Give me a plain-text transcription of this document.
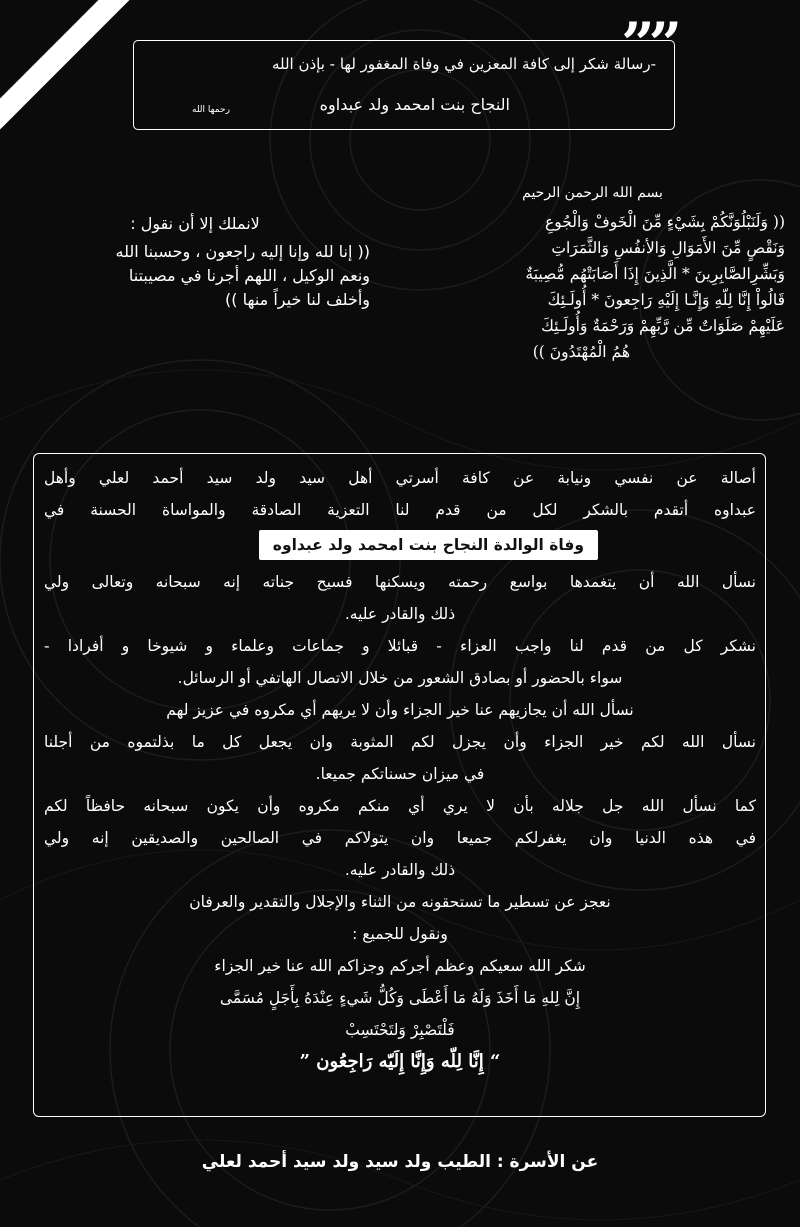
””
-رسالة شكر إلى كافة المعزين في وفاة المغفور لها - بإذن الله
النجاح بنت امحمد ولد عبداوه
رحمها الله
بسم الله الرحمن الرحيم
(( وَلَنَبْلُوَنَّكُمْ بِشَيْءٍ مِّنَ الْخَوفْ وَالْجُوعِ
وَنَقْصٍ مِّنَ الأَمَوَالِ وَالأنفُسِ وَالثَّمَرَاتِ
وَبَشِّرِالصَّابِرِينَ * الَّذِينَ إِذَا أَصَابَتْهُم مُّصِيبَةٌ
قَالُواْ إِنَّا لِلّهِ وَإِنَّـا إِلَيْهِ رَاجِعونَ * أُولَـئِكَ
عَلَيْهِمْ صَلَوَاتٌ مِّن رَّبِّهِمْ وَرَحْمَةٌ وَأُولَـئِكَ
هُمُ الْمُهْتَدُونَ ))
لانملك إلا أن نقول :
(( إنا لله وإنا إليه راجعون ، وحسبنا الله
ونعم الوكيل ، اللهم أجرنا في مصيبتنا
وأخلف لنا خيراً منها ))
أصالة عن نفسي ونيابة عن كافة أسرتي أهل سيد ولد سيد أحمد لعلي وأهل
عبداوه أتقدم بالشكر لكل من قدم لنا التعزية الصادقة والمواساة الحسنة في
وفاة الوالدة النجاح بنت امحمد ولد عبداوه
نسأل الله أن يتغمدها بواسع رحمته ويسكنها فسيح جناته إنه سبحانه وتعالى ولي
ذلك والقادر عليه.
نشكر كل من قدم لنا واجب العزاء - قبائلا و جماعات وعلماء و شيوخا و أفرادا -
سواء بالحضور أو بصادق الشعور من خلال الاتصال الهاتفي أو الرسائل.
نسأل الله أن يجازيهم عنا خير الجزاء وأن لا يريهم أي مكروه في عزيز لهم
نسأل الله لكم خير الجزاء وأن يجزل لكم المثوبة وان يجعل كل ما بذلتموه من أجلنا
في ميزان حسناتكم جميعا.
كما نسأل الله جل جلاله بأن لا يري أي منكم مكروه وأن يكون سبحانه حافظاً لكم
في هذه الدنيا وان يغفرلكم جميعا وان يتولاكم في الصالحين والصديقين إنه ولي
ذلك والقادر عليه.
نعجز عن تسطير ما تستحقونه من الثناء والإجلال والتقدير والعرفان
ونقول للجميع :
شكر الله سعيكم وعظم أجركم وجزاكم الله عنا خير الجزاء
إِنَّ لِلهِ مَا أَخَذَ وَلَهُ مَا أَعْطَى وَكُلُّ شَيءٍ عِنْدَهُ بِأَجَلٍ مُسَمَّى
فَلْتَصْبِرْ وَلتَحْتَسِبْ
“ إِنَّا لِلّه وَإِنَّا إِلَيّه رَاجِعُون ”
عن الأسرة : الطيب ولد سيد ولد سيد أحمد لعلي
